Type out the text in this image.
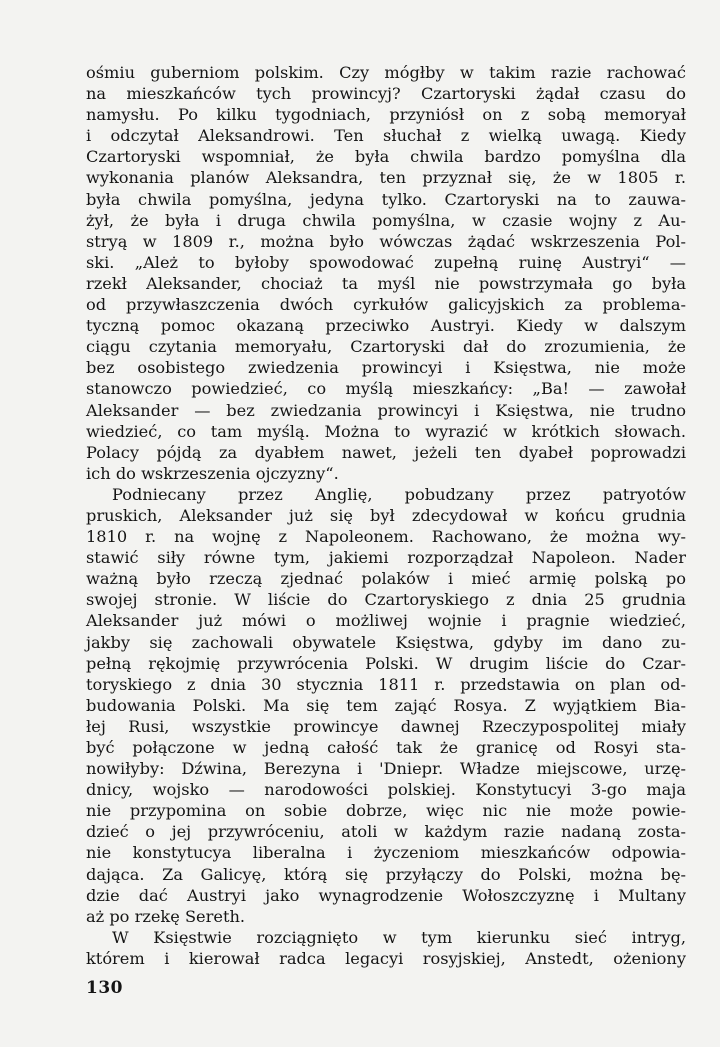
ośmiu guberniom polskim. Czy mógłby w takim razie rachować
na mieszkańców tych prowincyj? Czartoryski żądał czasu do
namysłu. Po kilku tygodniach, przyniósł on z sobą memoryał
i odczytał Aleksandrowi. Ten słuchał z wielką uwagą. Kiedy
Czartoryski wspomniał, że była chwila bardzo pomyślna dla
wykonania planów Aleksandra, ten przyznał się, że w 1805 r.
była chwila pomyślna, jedyna tylko. Czartoryski na to zauwa-
żył, że była i druga chwila pomyślna, w czasie wojny z Au-
stryą w 1809 r., można było wówczas żądać wskrzeszenia Pol-
ski. „Ależ to byłoby spowodować zupełną ruinę Austryi“ —
rzekł Aleksander, chociaż ta myśl nie powstrzymała go była
od przywłaszczenia dwóch cyrkułów galicyjskich za problema-
tyczną pomoc okazaną przeciwko Austryi. Kiedy w dalszym
ciągu czytania memoryału, Czartoryski dał do zrozumienia, że
bez osobistego zwiedzenia prowincyi i Księstwa, nie może
stanowczo powiedzieć, co myślą mieszkańcy: „Ba! — zawołał
Aleksander — bez zwiedzania prowincyi i Księstwa, nie trudno
wiedzieć, co tam myślą. Można to wyrazić w krótkich słowach.
Polacy pójdą za dyabłem nawet, jeżeli ten dyabeł poprowadzi
ich do wskrzeszenia ojczyzny“.
Podniecany przez Anglię, pobudzany przez patryotów
pruskich, Aleksander już się był zdecydował w końcu grudnia
1810 r. na wojnę z Napoleonem. Rachowano, że można wy-
stawić siły równe tym, jakiemi rozporządzał Napoleon. Nader
ważną było rzeczą zjednać polaków i mieć armię polską po
swojej stronie. W liście do Czartoryskiego z dnia 25 grudnia
Aleksander już mówi o możliwej wojnie i pragnie wiedzieć,
jakby się zachowali obywatele Księstwa, gdyby im dano zu-
pełną rękojmię przywrócenia Polski. W drugim liście do Czar-
toryskiego z dnia 30 stycznia 1811 r. przedstawia on plan od-
budowania Polski. Ma się tem zająć Rosya. Z wyjątkiem Bia-
łej Rusi, wszystkie prowincye dawnej Rzeczypospolitej miały
być połączone w jedną całość tak że granicę od Rosyi sta-
nowiłyby: Dźwina, Berezyna i 'Dniepr. Władze miejscowe, urzę-
dnicy, wojsko — narodowości polskiej. Konstytucyi 3-go maja
nie przypomina on sobie dobrze, więc nic nie może powie-
dzieć o jej przywróceniu, atoli w każdym razie nadaną zosta-
nie konstytucya liberalna i życzeniom mieszkańców odpowia-
dająca. Za Galicyę, którą się przyłączy do Polski, można bę-
dzie dać Austryi jako wynagrodzenie Wołoszczyznę i Multany
aż po rzekę Sereth.
W Księstwie rozciągnięto w tym kierunku sieć intryg,
którem i kierował radca legacyi rosyjskiej, Anstedt, ożeniony
130
